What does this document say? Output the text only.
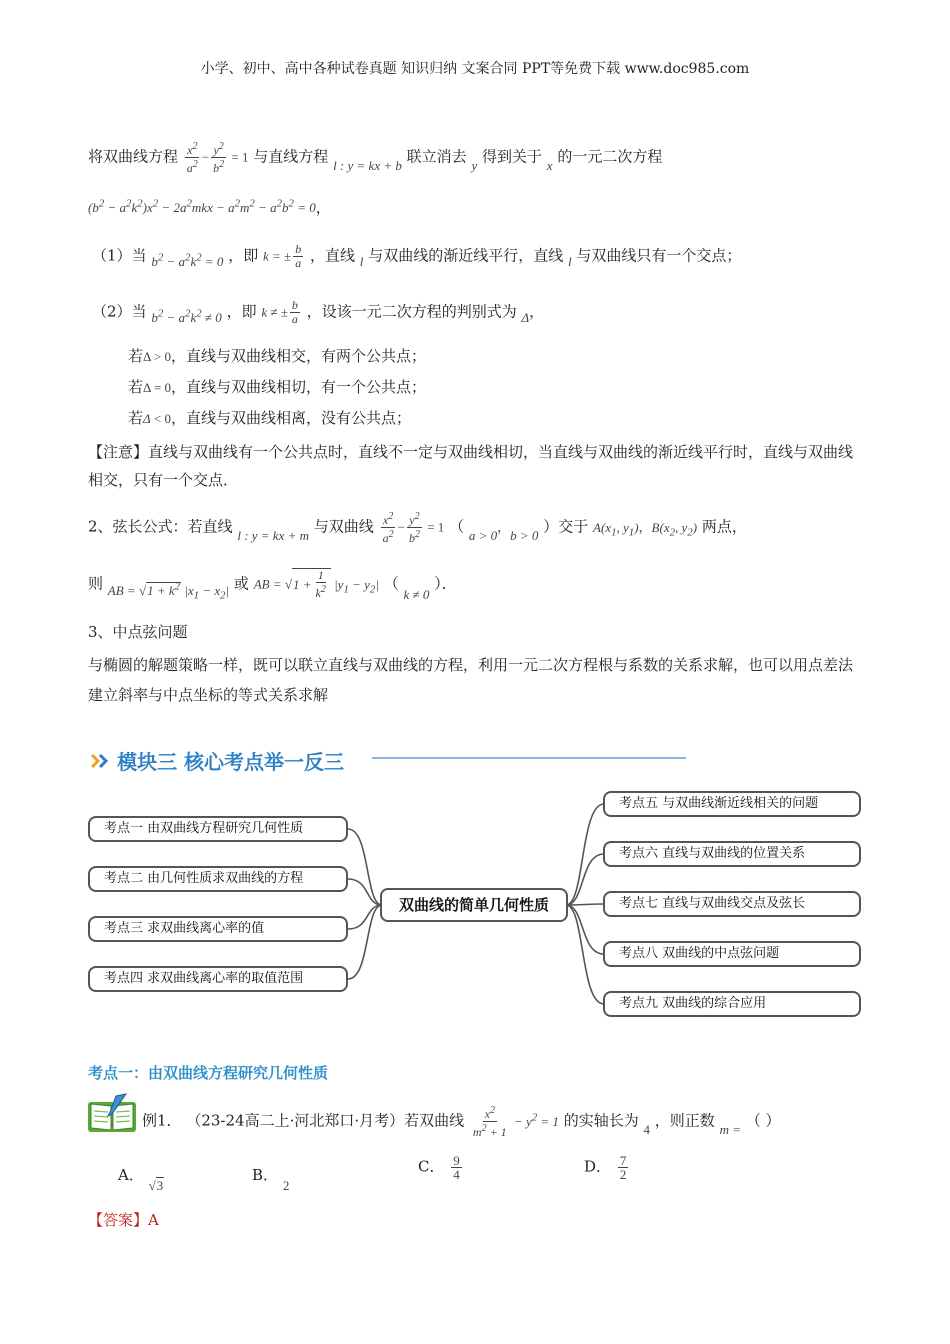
小学、初中、高中各种试卷真题 知识归纳 文案合同 PPT等免费下载 www.doc985.com
将双曲线方程 $\frac{x^2}{a^2} - \frac{y^2}{b^2} = 1$ 与直线方程 l : y = kx + b 联立消去 y 得到关于 x 的一元二次方程
$(b^2 - a^2k^2)x^2 - 2a^2mkx - a^2m^2 - a^2b^2 = 0$，
（1）当 $b^2 - a^2k^2 = 0$ ，即 k = ± $\frac{b}{a}$ ，直线 l 与双曲线的渐近线平行，直线 l 与双曲线只有一个交点；
（2）当 $b^2 - a^2k^2 \ne 0$ ，即 k ≠ ± $\frac{b}{a}$ ，设该一元二次方程的判别式为 Δ，
若Δ > 0，直线与双曲线相交，有两个公共点；
若Δ = 0，直线与双曲线相切，有一个公共点；
若Δ < 0，直线与双曲线相离，没有公共点；
【注意】直线与双曲线有一个公共点时，直线不一定与双曲线相切，当直线与双曲线的渐近线平行时，直线与双曲线相交，只有一个交点．
2、弦长公式：若直线 l : y = kx + m 与双曲线 $\frac{x^2}{a^2} - \frac{y^2}{b^2} = 1$ （ a > 0，b > 0 ）交于 $A(x_1$, $y_1$)，$B(x_2$, $y_2$) 两点，
则 AB = $√1 + k^2$ $|x_1 - x_2|$ 或 AB = $√1 + \frac{1}{k^2} |y_1 - y_2|$ （ k ≠ 0 ）．
3、中点弦问题
与椭圆的解题策略一样，既可以联立直线与双曲线的方程，利用一元二次方程根与系数的关系求解，也可以用点差法建立斜率与中点坐标的等式关系求解
模块三 核心考点举一反三
考点一 由双曲线方程研究几何性质
考点二 由几何性质求双曲线的方程
考点三 求双曲线离心率的值
考点四 求双曲线离心率的取值范围
双曲线的简单几何性质
考点五 与双曲线渐近线相关的问题
考点六 直线与双曲线的位置关系
考点七 直线与双曲线交点及弦长
考点八 双曲线的中点弦问题
考点九 双曲线的综合应用
考点一：由双曲线方程研究几何性质
例1． （23-24高二上·河北郑口·月考）若双曲线 $\frac{x^2}{m^2 + 1} - y^2 = 1$ 的实轴长为 4 ，则正数 m = （ ）
A． √3
B． 2
C． $\frac{9}{4}$	D． $\frac{7}{2}$
【答案】A
